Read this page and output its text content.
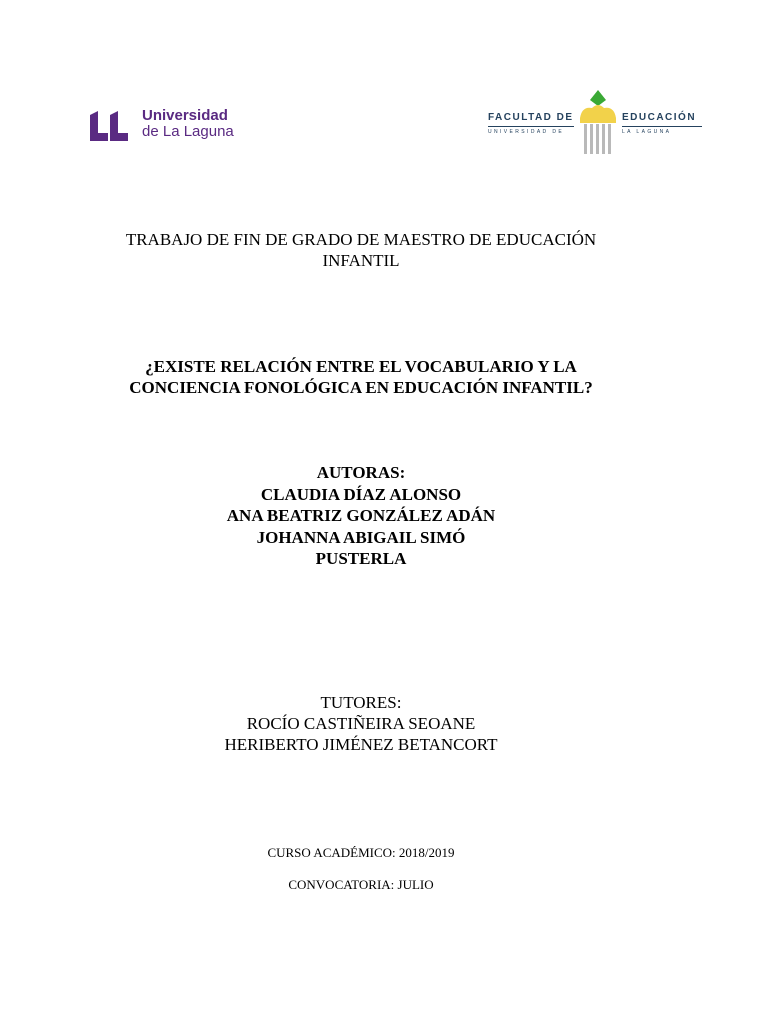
Universidad
de La Laguna
FACULTAD DE
UNIVERSIDAD DE
EDUCACIÓN
LA LAGUNA
TRABAJO DE FIN DE GRADO DE MAESTRO DE EDUCACIÓN
INFANTIL
¿EXISTE RELACIÓN ENTRE EL VOCABULARIO Y LA
CONCIENCIA FONOLÓGICA EN EDUCACIÓN INFANTIL?
AUTORAS:
CLAUDIA DÍAZ ALONSO
ANA BEATRIZ GONZÁLEZ ADÁN
JOHANNA ABIGAIL SIMÓ
PUSTERLA
TUTORES:
ROCÍO CASTIÑEIRA SEOANE
HERIBERTO JIMÉNEZ BETANCORT
CURSO ACADÉMICO: 2018/2019
CONVOCATORIA: JULIO
